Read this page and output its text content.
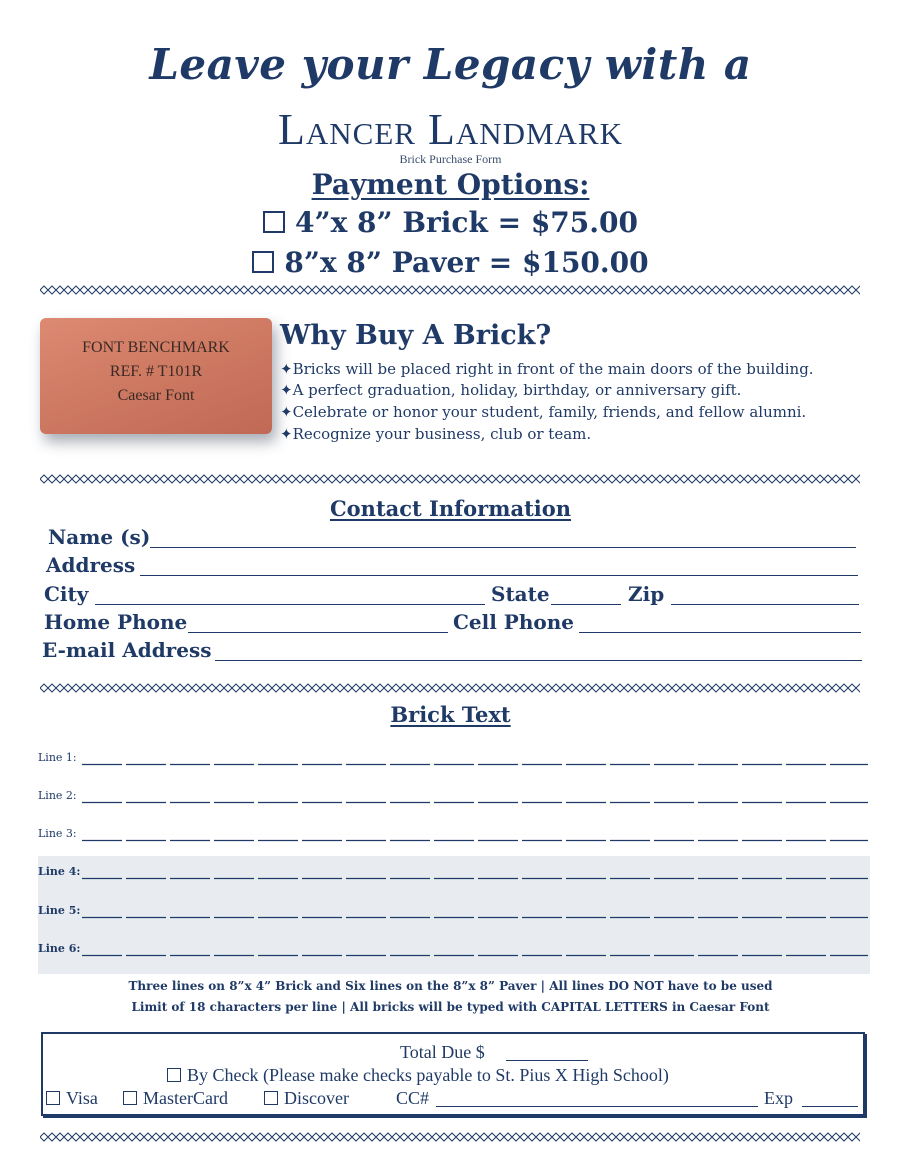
Leave your Legacy with a
Lancer Landmark
Brick Purchase Form
Payment Options:
4”x 8” Brick = $75.00
8”x 8” Paver = $150.00
FONT BENCHMARK
REF. # T101R
Caesar Font
Why Buy A Brick?
✦Bricks will be placed right in front of the main doors of the building.
✦A perfect graduation, holiday, birthday, or anniversary gift.
✦Celebrate or honor your student, family, friends, and fellow alumni.
✦Recognize your business, club or team.
Contact Information
Name (s)
Address
City	State	Zip
Home Phone	Cell Phone
E-mail Address
Brick Text
Line 1:
Line 2:
Line 3:
Line 4:
Line 5:
Line 6:
Three lines on 8”x 4” Brick and Six lines on the 8”x 8” Paver | All lines DO NOT have to be used
Limit of 18 characters per line | All bricks will be typed with CAPITAL LETTERS in Caesar Font
Total Due $
By Check (Please make checks payable to St. Pius X High School)
Visa	MasterCard	Discover	CC#	Exp
